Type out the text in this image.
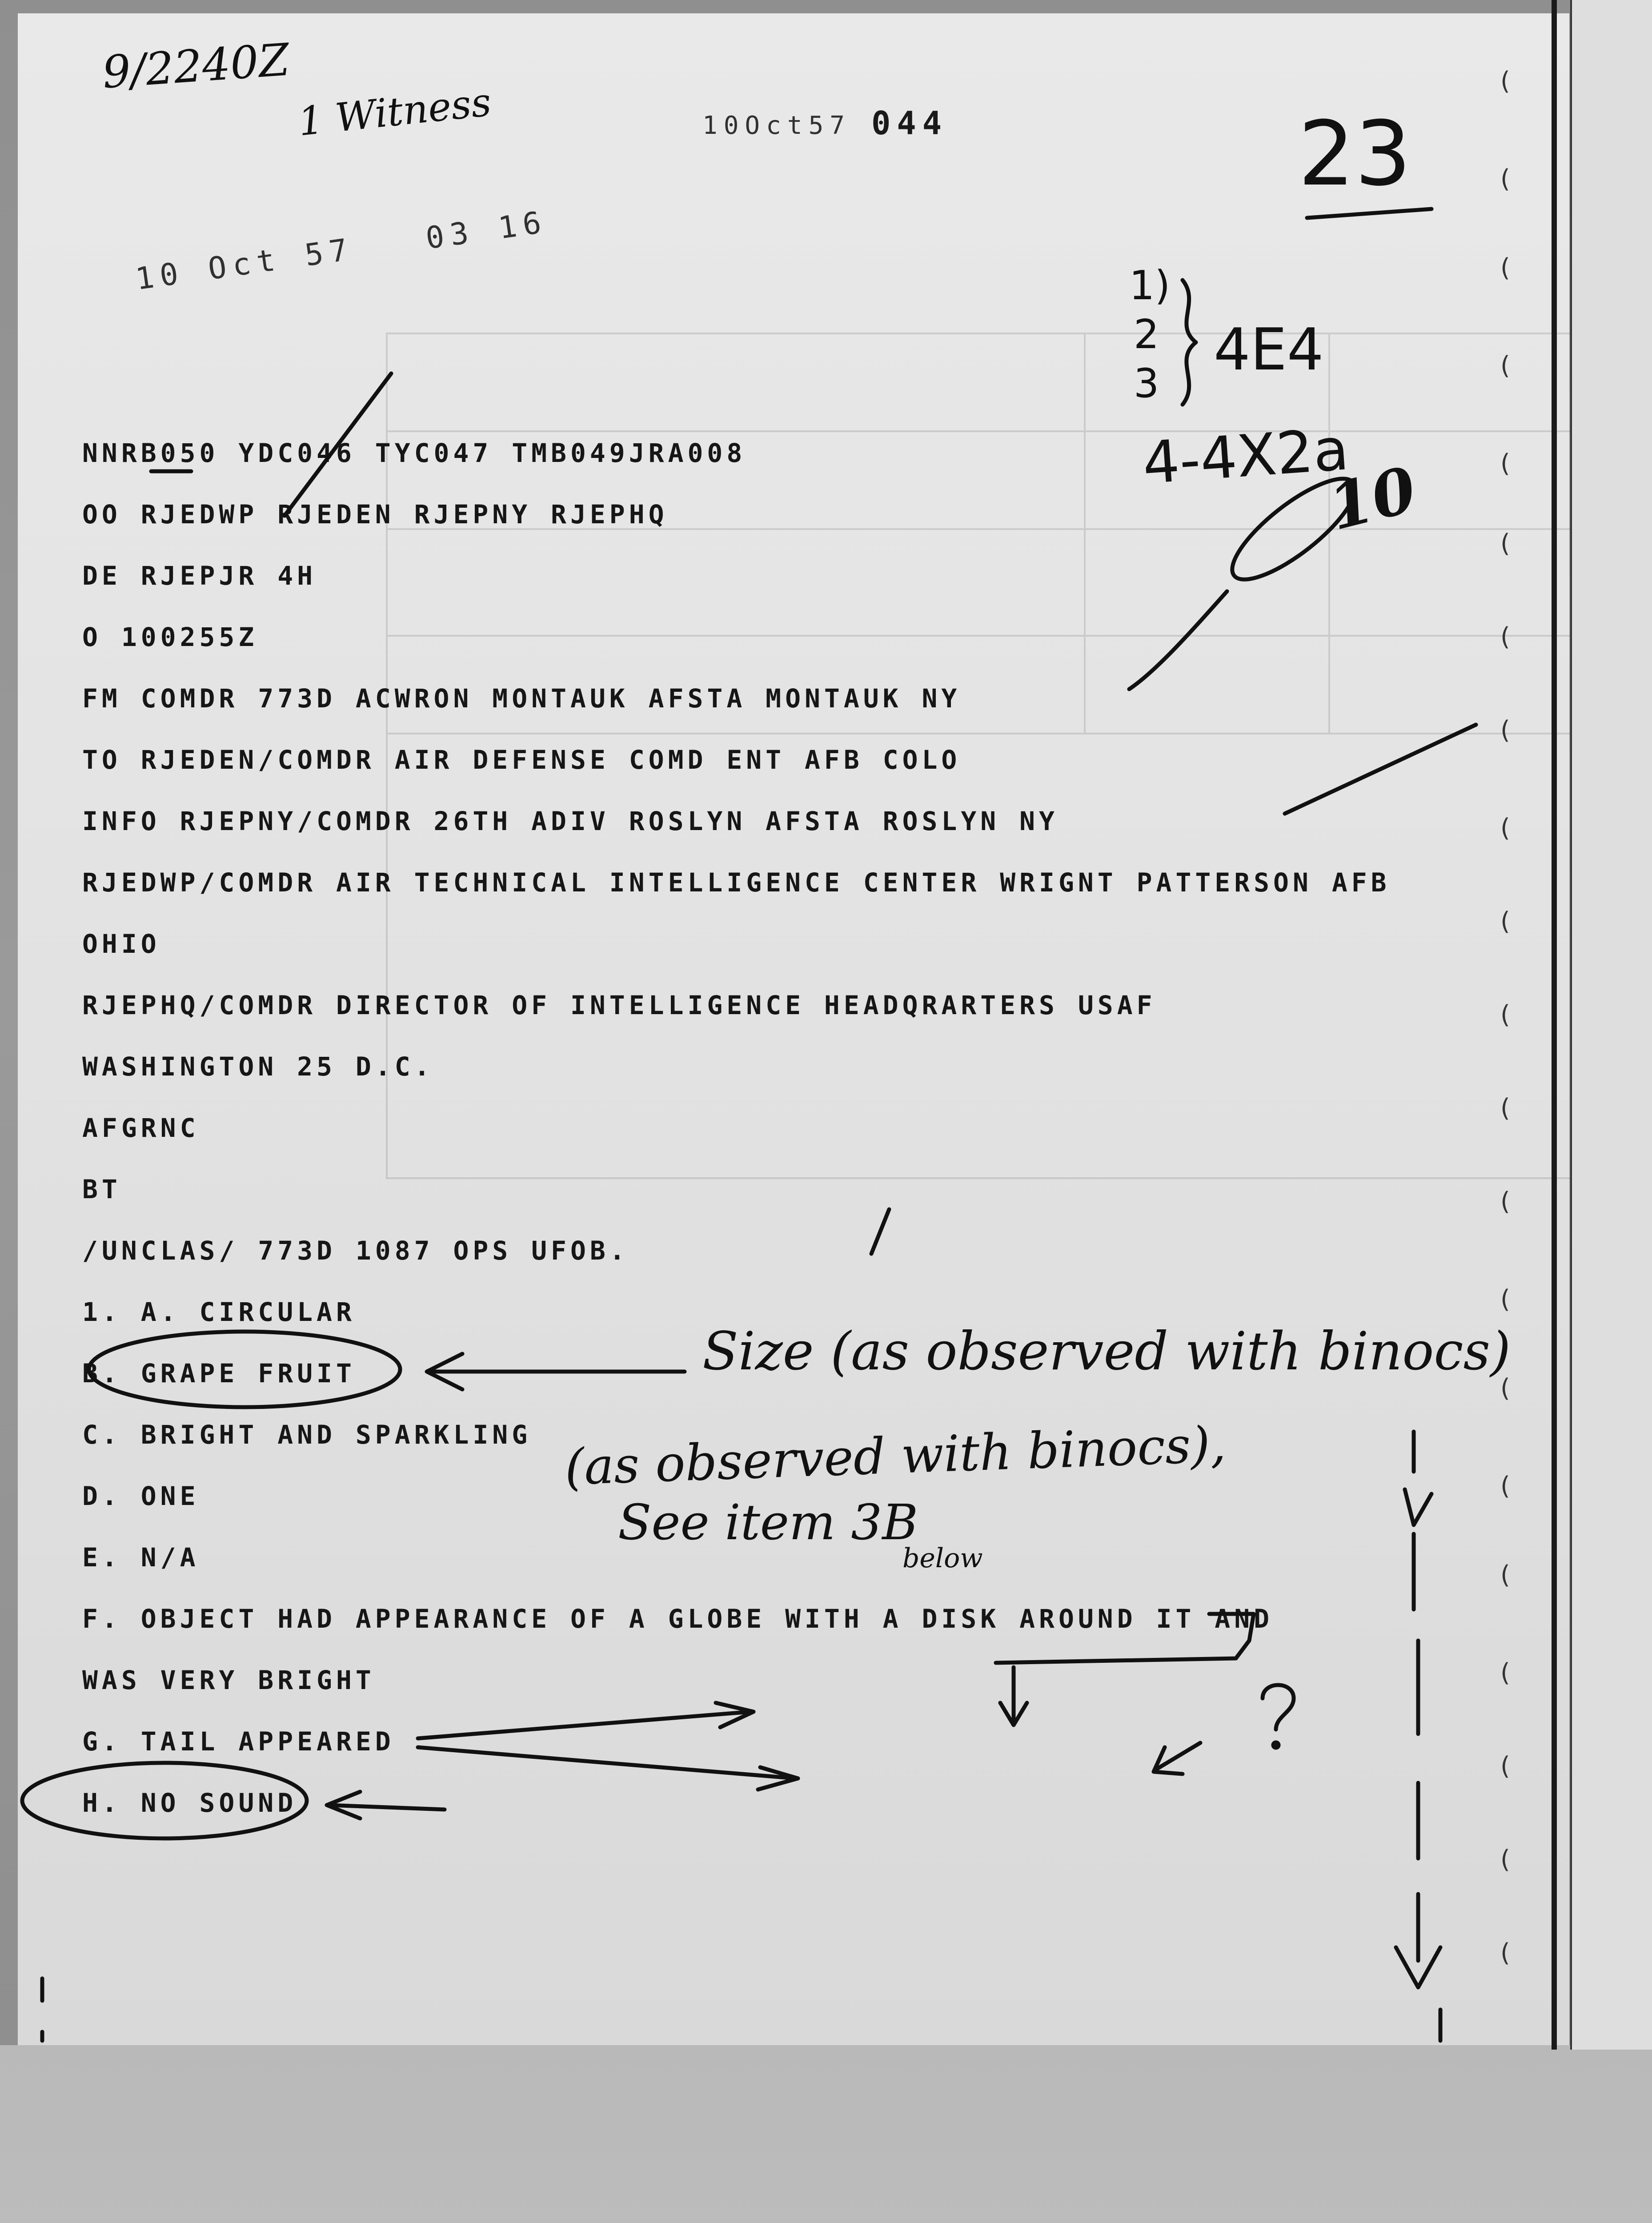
10Oct57 044
10 Oct 57   03 16
9/2240Z
1 Witness	23
1)
2
3
4E4
4-4X2a
10
Size (as observed with binocs)
(as observed with binocs),
See item 3B
below
NNRB050 YDC046 TYC047 TMB049JRA008
OO RJEDWP RJEDEN RJEPNY RJEPHQ
DE RJEPJR 4H
O 100255Z
FM COMDR 773D ACWRON MONTAUK AFSTA MONTAUK NY
TO RJEDEN/COMDR AIR DEFENSE COMD ENT AFB COLO
INFO RJEPNY/COMDR 26TH ADIV ROSLYN AFSTA ROSLYN NY
RJEDWP/COMDR AIR TECHNICAL INTELLIGENCE CENTER WRIGNT PATTERSON AFB
OHIO
RJEPHQ/COMDR DIRECTOR OF INTELLIGENCE HEADQRARTERS USAF
WASHINGTON 25 D.C.
AFGRNC
BT
/UNCLAS/ 773D 1087 OPS UFOB.
1. A. CIRCULAR
B. GRAPE FRUIT
C. BRIGHT AND SPARKLING
D. ONE
E. N/A
F. OBJECT HAD APPEARANCE OF A GLOBE WITH A DISK AROUND IT AND
WAS VERY BRIGHT
G. TAIL APPEARED
H. NO SOUND
(
(
(
(
(
(
(
(
(
(
(
(
(
(
(
(
(
(
(
(
(
